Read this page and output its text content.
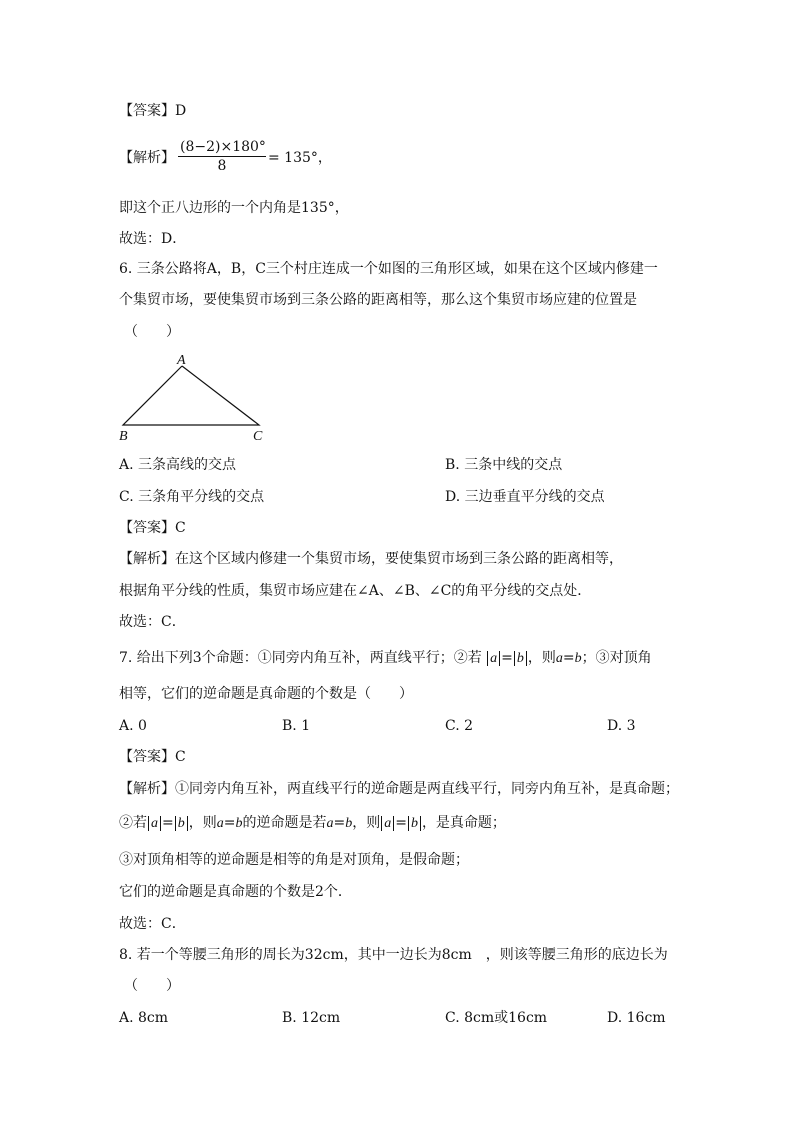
【答案】D
【解析】 $\frac{(8-2)\times 180^\circ}{8} = 135^\circ$，
即这个正八边形的一个内角是135°，
故选：D．
6. 三条公路将A，B，C三个村庄连成一个如图的三角形区域，如果在这个区域内修建一
个集贸市场，要使集贸市场到三条公路的距离相等，那么这个集贸市场应建的位置是
（　　）
A
B	C
A. 三条高线的交点	B. 三条中线的交点
C. 三条角平分线的交点	D. 三边垂直平分线的交点
【答案】C
【解析】在这个区域内修建一个集贸市场，要使集贸市场到三条公路的距离相等，
根据角平分线的性质，集贸市场应建在∠A、∠B、∠C的角平分线的交点处．
故选：C．
7. 给出下列3个命题：①同旁内角互补，两直线平行；②若 a = b ，则a=b；③对顶角
相等，它们的逆命题是真命题的个数是（　　）
A. 0	B. 1	C. 2	D. 3
【答案】C
【解析】①同旁内角互补，两直线平行的逆命题是两直线平行，同旁内角互补，是真命题；
②若 a = b ，则a=b的逆命题是若a=b，则 a = b ，是真命题；
③对顶角相等的逆命题是相等的角是对顶角，是假命题；
它们的逆命题是真命题的个数是2个．
故选：C．
8. 若一个等腰三角形的周长为32cm，其中一边长为8cm　，则该等腰三角形的底边长为
（　　）
A. 8cm	B. 12cm	C. 8cm或16cm	D. 16cm
